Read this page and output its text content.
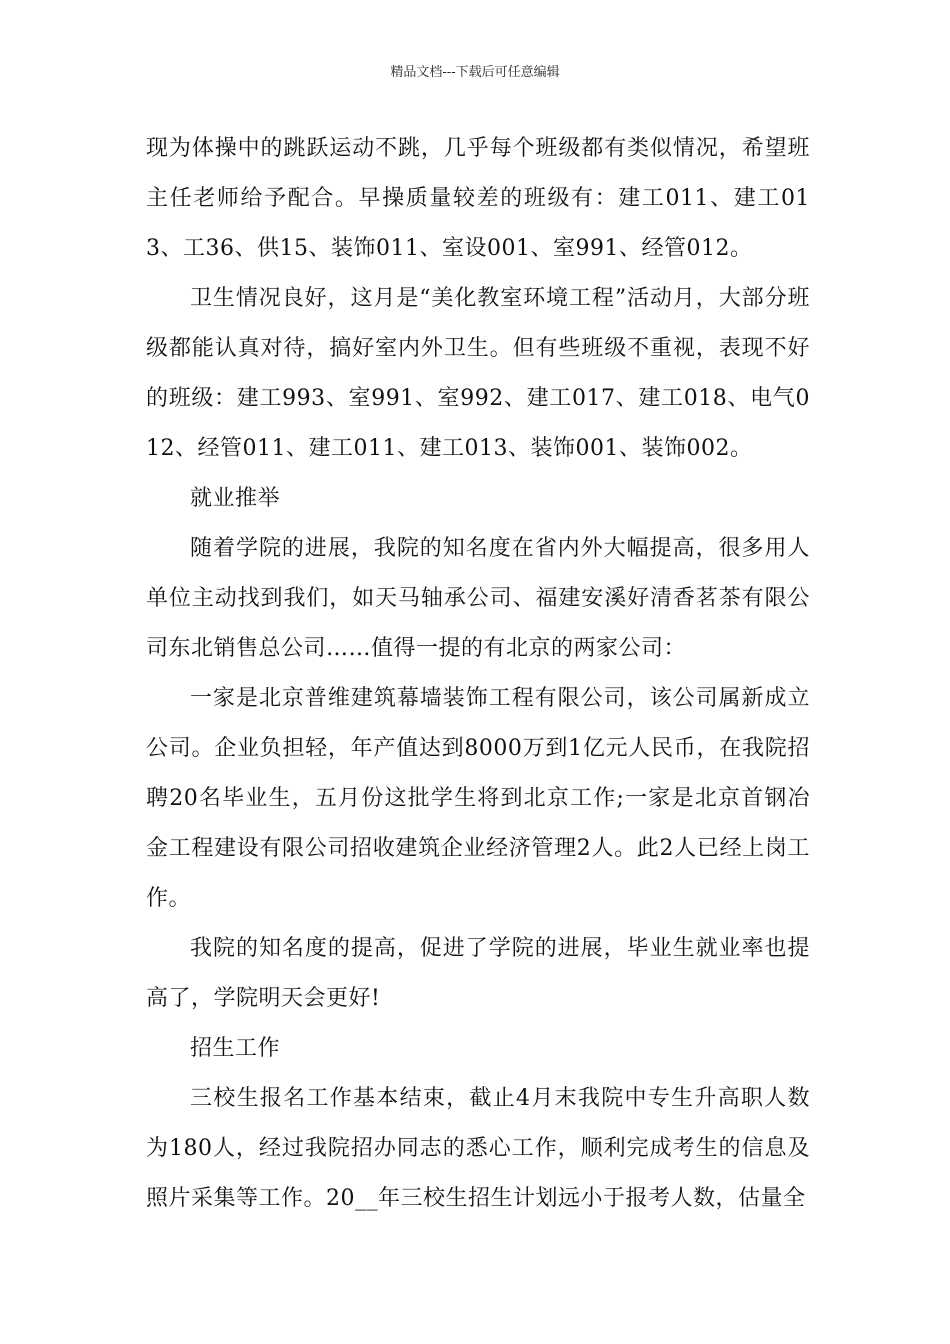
精品文档---下载后可任意编辑

现为体操中的跳跃运动不跳，几乎每个班级都有类似情况，希望班主任老师给予配合。早操质量较差的班级有：建工011、建工013、工36、供15、装饰011、室设001、室991、经管012。

卫生情况良好，这月是“美化教室环境工程”活动月，大部分班级都能认真对待，搞好室内外卫生。但有些班级不重视，表现不好的班级：建工993、室991、室992、建工017、建工018、电气012、经管011、建工011、建工013、装饰001、装饰002。

就业推举

随着学院的进展，我院的知名度在省内外大幅提高，很多用人单位主动找到我们，如天马轴承公司、福建安溪好清香茗茶有限公司东北销售总公司……值得一提的有北京的两家公司：

一家是北京普维建筑幕墙装饰工程有限公司，该公司属新成立公司。企业负担轻，年产值达到8000万到1亿元人民币，在我院招聘20名毕业生，五月份这批学生将到北京工作;一家是北京首钢冶金工程建设有限公司招收建筑企业经济管理2人。此2人已经上岗工作。

我院的知名度的提高，促进了学院的进展，毕业生就业率也提高了，学院明天会更好!

招生工作

三校生报名工作基本结束，截止4月末我院中专生升高职人数为180人，经过我院招办同志的悉心工作，顺利完成考生的信息及照片采集等工作。20__年三校生招生计划远小于报考人数，估量全
